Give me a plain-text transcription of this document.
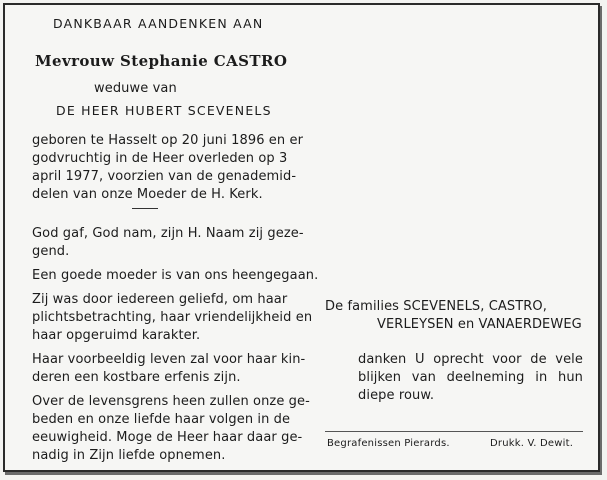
DANKBAAR AANDENKEN AAN
Mevrouw Stephanie CASTRO
weduwe van
DE HEER HUBERT SCEVENELS
geboren te Hasselt op 20 juni 1896 en er
godvruchtig in de Heer overleden op 3
april 1977, voorzien van de genademid-
delen van onze Moeder de H. Kerk.
God gaf, God nam, zijn H. Naam zij geze-
gend.
Een goede moeder is van ons heengegaan.
Zij was door iedereen geliefd, om haar
plichtsbetrachting, haar vriendelijkheid en
haar opgeruimd karakter.
Haar voorbeeldig leven zal voor haar kin-
deren een kostbare erfenis zijn.
Over de levensgrens heen zullen onze ge-
beden en onze liefde haar volgen in de
eeuwigheid. Moge de Heer haar daar ge-
nadig in Zijn liefde opnemen.
De families SCEVENELS, CASTRO,
VERLEYSEN en VANAERDEWEG
danken U oprecht voor de vele
blijken van deelneming in hun
diepe rouw.
Begrafenissen Pierards.	Drukk. V. Dewit.
